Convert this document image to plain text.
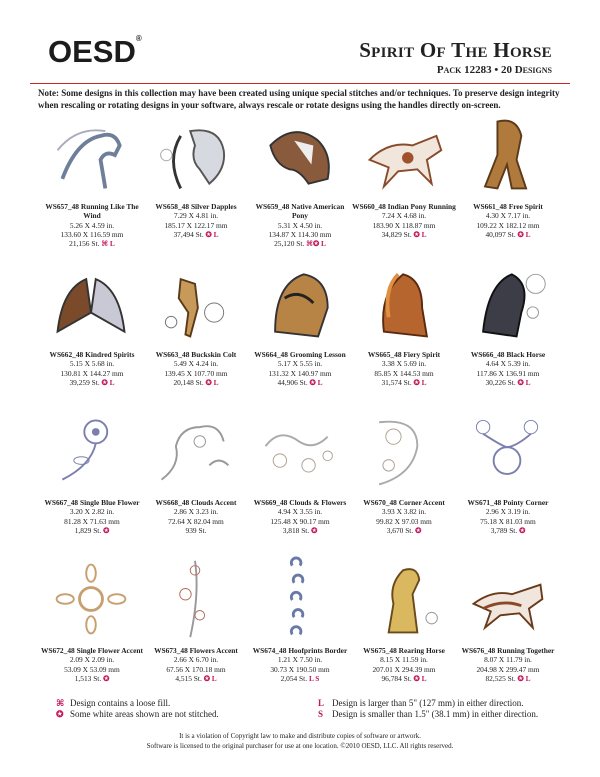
OESD®	Spirit Of The Horse
Pack 12283 • 20 Designs
Note: Some designs in this collection may have been created using unique special stitches and/or techniques. To preserve design integrity when rescaling or rotating designs in your software, always rescale or rotate designs using the handles directly on-screen.
WS657_48 Running Like The Wind
5.26 X 4.59 in.
133.60 X 116.59 mm
21,156 St. ⌘ L
WS658_48 Silver Dapples
7.29 X 4.81 in.
185.17 X 122.17 mm
37,494 St. ✪ L
WS659_48 Native American Pony
5.31 X 4.50 in.
134.87 X 114.30 mm
25,120 St. ⌘✪ L
WS660_48 Indian Pony Running
7.24 X 4.68 in.
183.90 X 118.87 mm
34,829 St. ✪ L
WS661_48 Free Spirit
4.30 X 7.17 in.
109.22 X 182.12 mm
40,097 St. ✪ L
WS662_48 Kindred Spirits
5.15 X 5.68 in.
130.81 X 144.27 mm
39,259 St. ✪ L
WS663_48 Buckskin Colt
5.49 X 4.24 in.
139.45 X 107.70 mm
20,148 St. ✪ L
WS664_48 Grooming Lesson
5.17 X 5.55 in.
131.32 X 140.97 mm
44,906 St. ✪ L
WS665_48 Fiery Spirit
3.38 X 5.69 in.
85.85 X 144.53 mm
31,574 St. ✪ L
WS666_48 Black Horse
4.64 X 5.39 in.
117.86 X 136.91 mm
30,226 St. ✪ L
WS667_48 Single Blue Flower
3.20 X 2.82 in.
81.28 X 71.63 mm
1,829 St. ✪
WS668_48 Clouds Accent
2.86 X 3.23 in.
72.64 X 82.04 mm
939 St.
WS669_48 Clouds & Flowers
4.94 X 3.55 in.
125.48 X 90.17 mm
3,818 St. ✪
WS670_48 Corner Accent
3.93 X 3.82 in.
99.82 X 97.03 mm
3,670 St. ✪
WS671_48 Pointy Corner
2.96 X 3.19 in.
75.18 X 81.03 mm
3,789 St. ✪
WS672_48 Single Flower Accent
2.09 X 2.09 in.
53.09 X 53.09 mm
1,513 St. ✪
WS673_48 Flowers Accent
2.66 X 6.70 in.
67.56 X 170.18 mm
4,515 St. ✪ L
WS674_48 Hoofprints Border
1.21 X 7.50 in.
30.73 X 190.50 mm
2,054 St. L S
WS675_48 Rearing Horse
8.15 X 11.59 in.
207.01 X 294.39 mm
96,784 St. ✪ L
WS676_48 Running Together
8.07 X 11.79 in.
204.98 X 299.47 mm
82,525 St. ✪ L
⌘ Design contains a loose fill.
✪ Some white areas shown are not stitched.
L Design is larger than 5" (127 mm) in either direction.
S Design is smaller than 1.5" (38.1 mm) in either direction.
It is a violation of Copyright law to make and distribute copies of software or artwork.
Software is licensed to the original purchaser for use at one location. ©2010 OESD, LLC. All rights reserved.
